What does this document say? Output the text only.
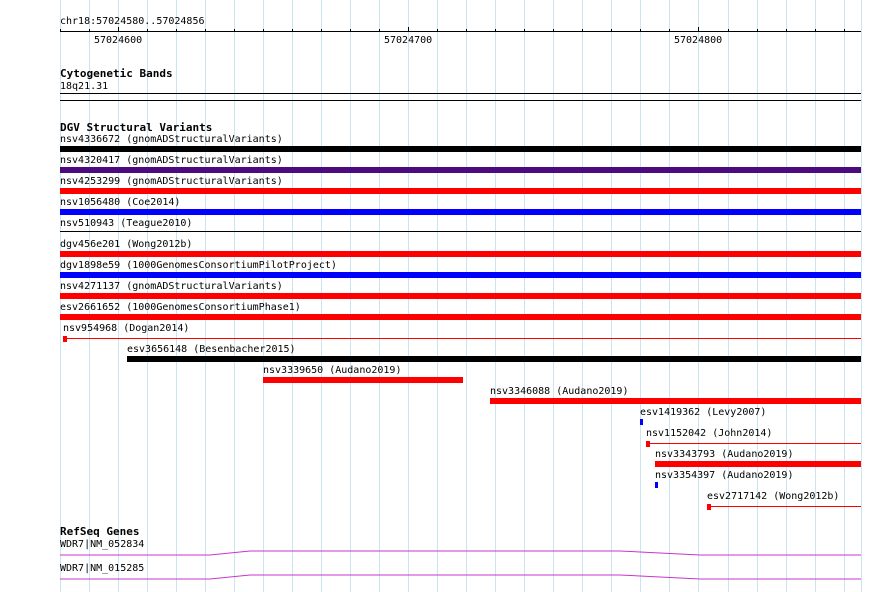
chr18:57024580..57024856
57024600	57024700	57024800
Cytogenetic Bands
18q21.31
DGV Structural Variants
nsv4336672 (gnomADStructuralVariants)
nsv4320417 (gnomADStructuralVariants)
nsv4253299 (gnomADStructuralVariants)
nsv1056480 (Coe2014)
nsv510943 (Teague2010)
dgv456e201 (Wong2012b)
dgv1898e59 (1000GenomesConsortiumPilotProject)
nsv4271137 (gnomADStructuralVariants)
esv2661652 (1000GenomesConsortiumPhase1)
nsv954968 (Dogan2014)
esv3656148 (Besenbacher2015)
nsv3339650 (Audano2019)
nsv3346088 (Audano2019)
esv1419362 (Levy2007)
nsv1152042 (John2014)
nsv3343793 (Audano2019)
nsv3354397 (Audano2019)
esv2717142 (Wong2012b)
RefSeq Genes
WDR7|NM_052834
WDR7|NM_015285
